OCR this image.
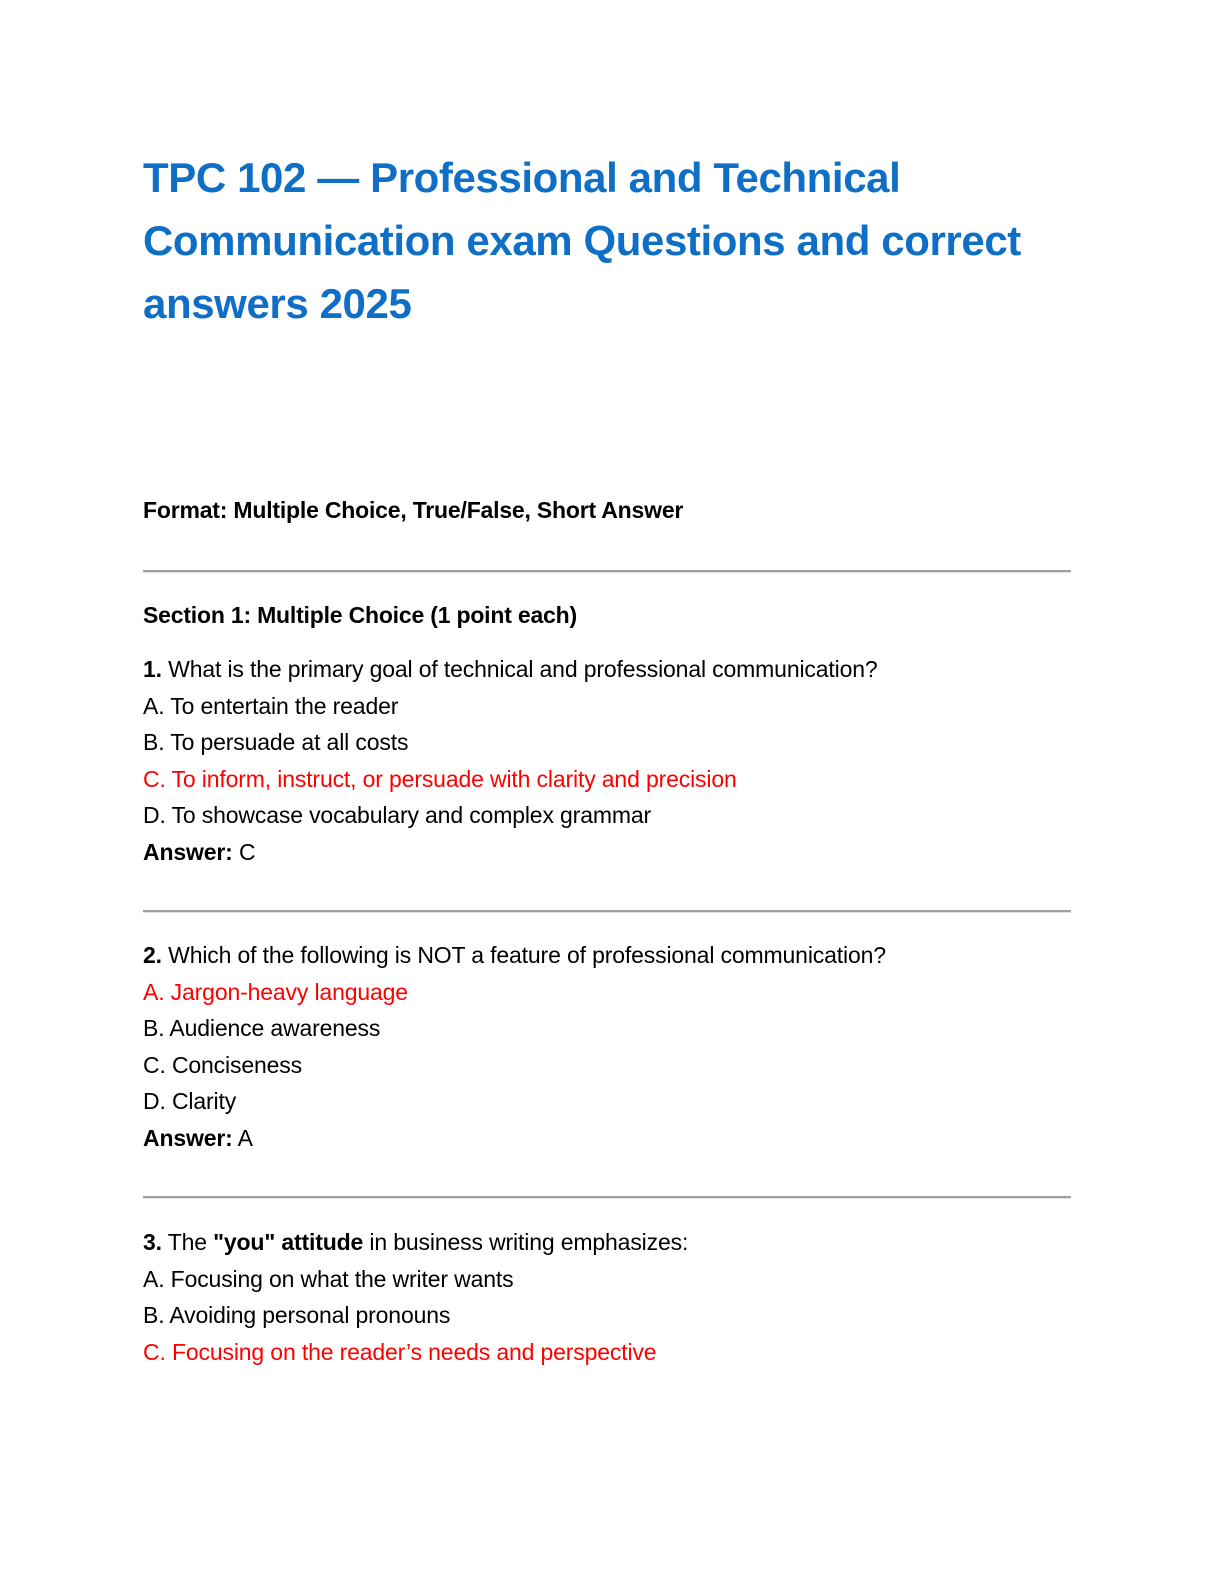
TPC 102 — Professional and Technical
Communication exam Questions and correct
answers 2025
Format: Multiple Choice, True/False, Short Answer
Section 1: Multiple Choice (1 point each)
1. What is the primary goal of technical and professional communication?
A. To entertain the reader
B. To persuade at all costs
C. To inform, instruct, or persuade with clarity and precision
D. To showcase vocabulary and complex grammar
Answer: C
2. Which of the following is NOT a feature of professional communication?
A. Jargon-heavy language
B. Audience awareness
C. Conciseness
D. Clarity
Answer: A
3. The "you" attitude in business writing emphasizes:
A. Focusing on what the writer wants
B. Avoiding personal pronouns
C. Focusing on the reader’s needs and perspective
